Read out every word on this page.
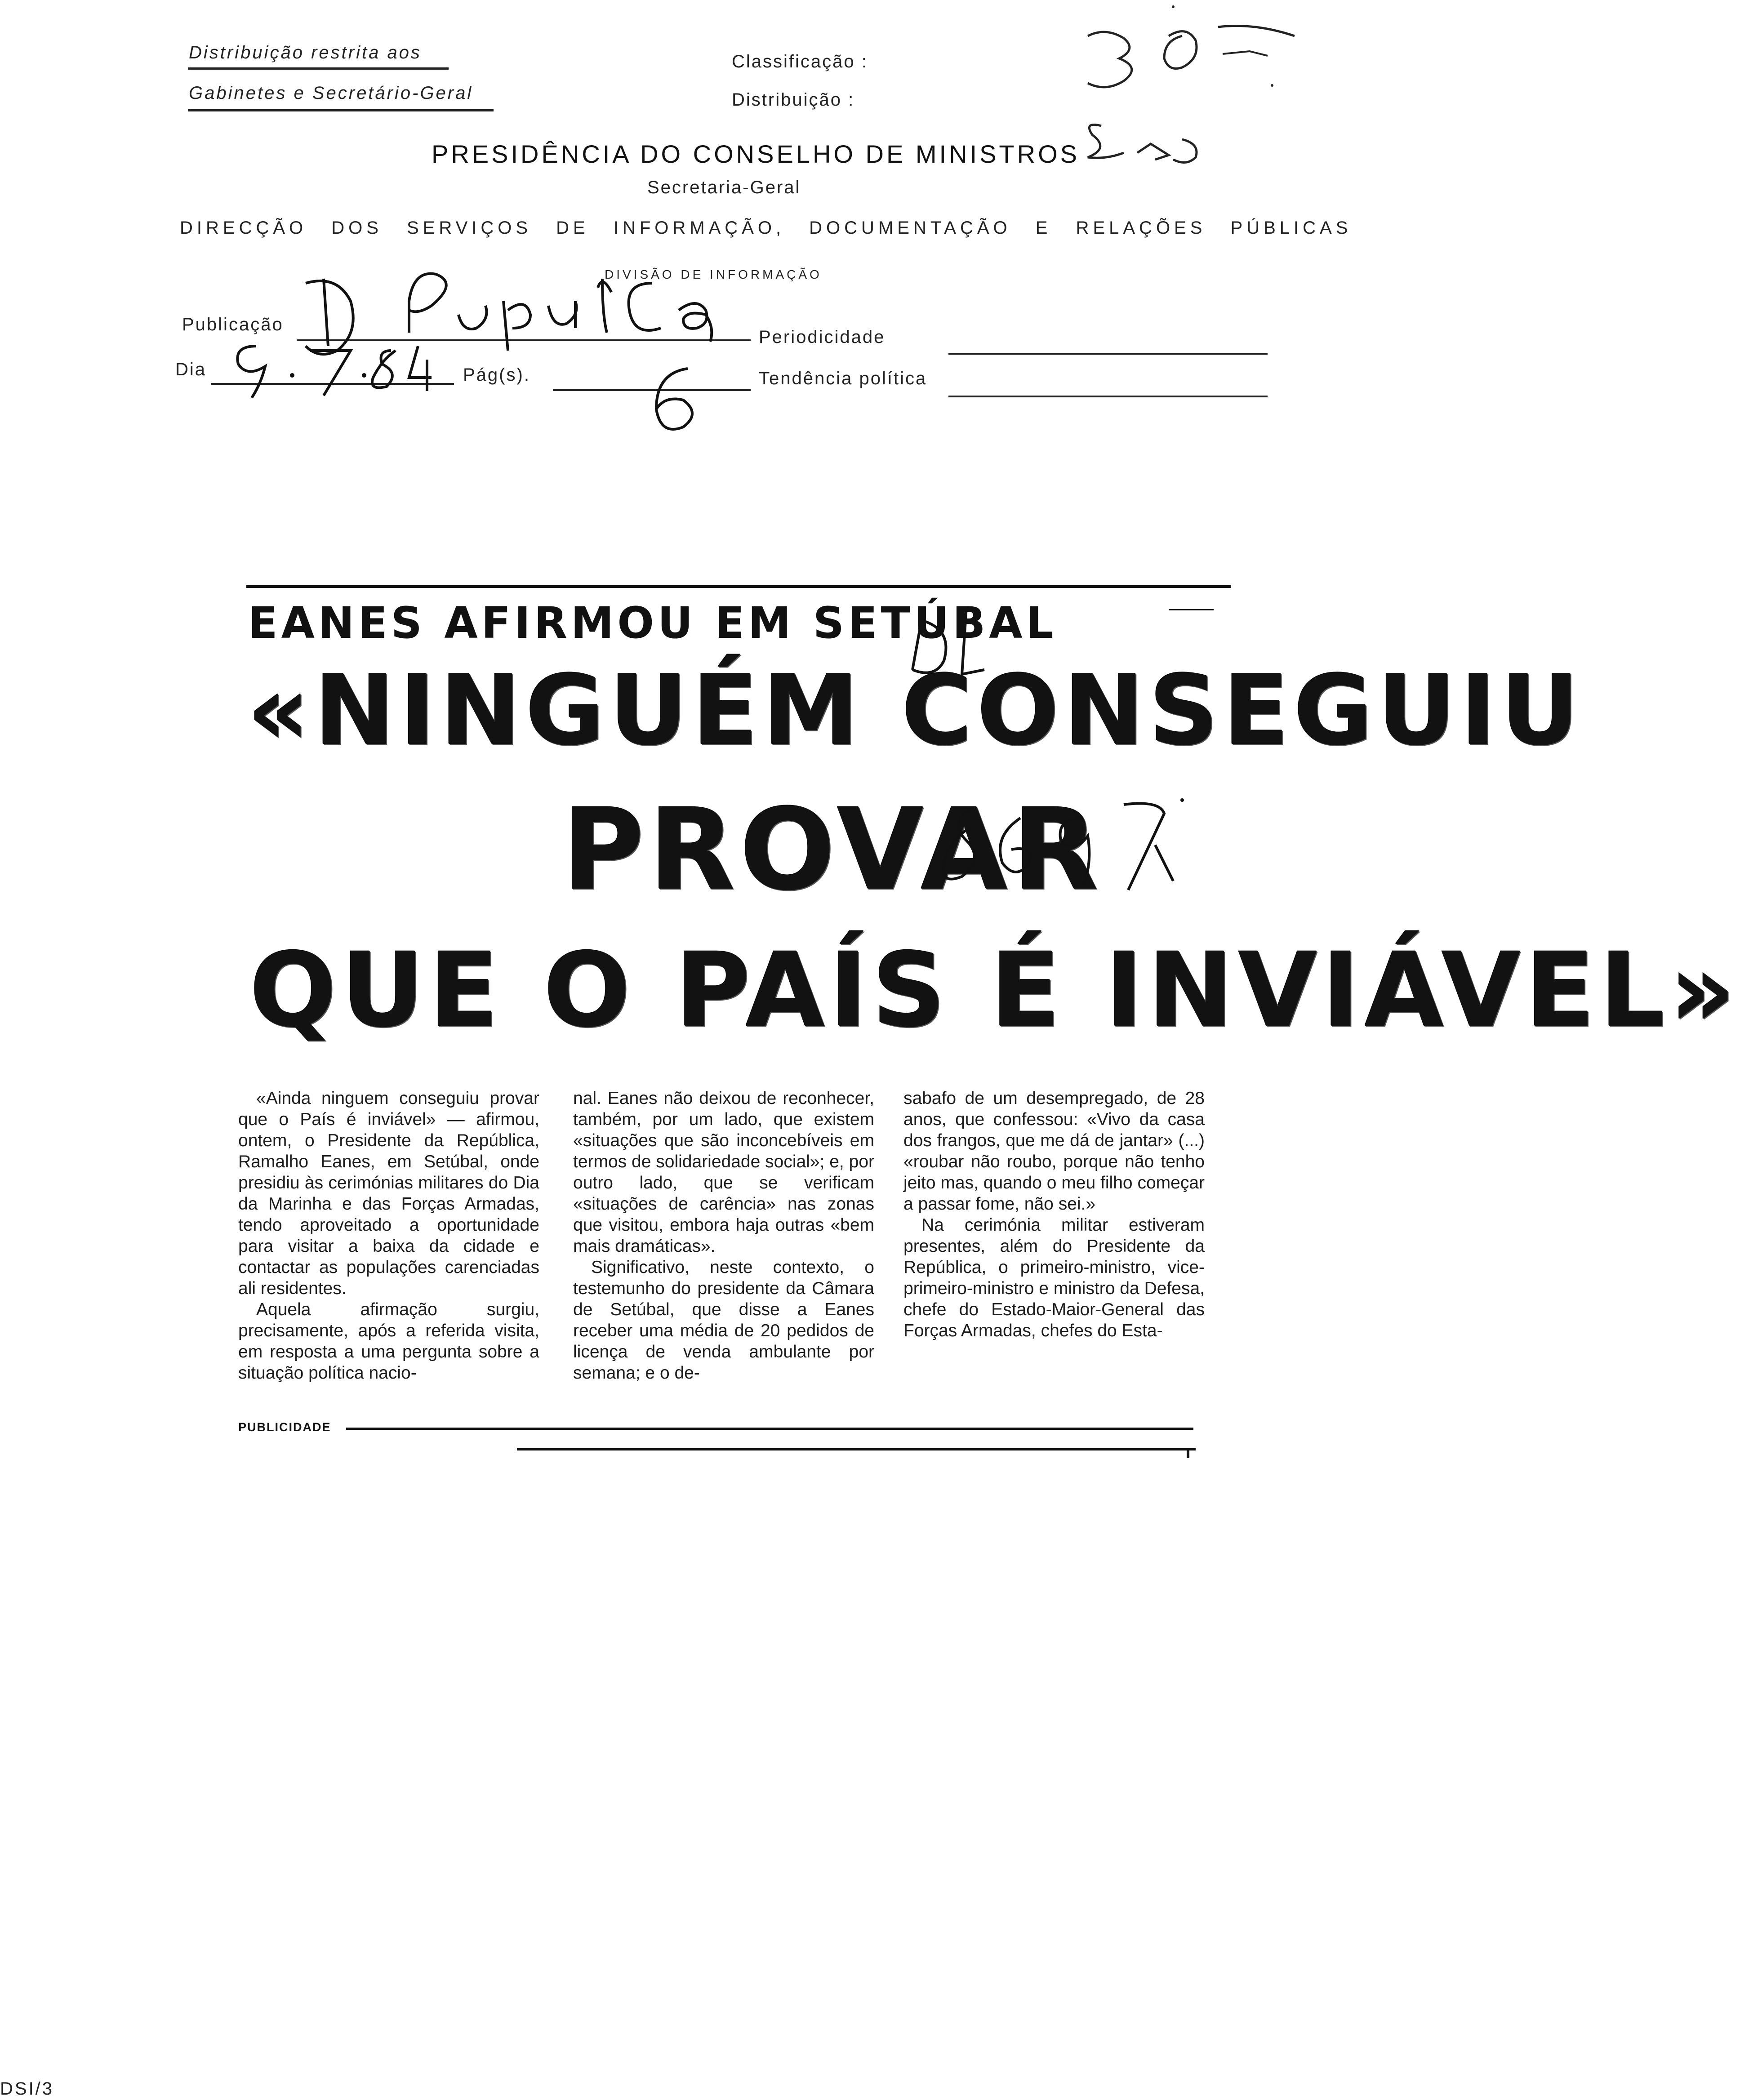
Distribuição restrita aos
Gabinetes e Secretário-Geral
Classificação :
Distribuição :
PRESIDÊNCIA DO CONSELHO DE MINISTROS
Secretaria-Geral
DIRECÇÃO DOS SERVIÇOS DE INFORMAÇÃO, DOCUMENTAÇÃO E RELAÇÕES PÚBLICAS
DIVISÃO DE INFORMAÇÃO
Publicação
Periodicidade
Dia	Pág(s).	Tendência política
EANES AFIRMOU EM SETÚBAL
«NINGUÉM CONSEGUIU
PROVAR
QUE O PAÍS É INVIÁVEL»

«Ainda ninguem conseguiu provar que o País é inviável» — afirmou, ontem, o Presidente da República, Ramalho Eanes, em Setúbal, onde presidiu às cerimónias militares do Dia da Marinha e das Forças Armadas, tendo aproveitado a oportunidade para visitar a baixa da cidade e contactar as populações carenciadas ali residentes.

Aquela afirmação surgiu, precisamente, após a referida visita, em resposta a uma pergunta sobre a situação política nacio-

nal. Eanes não deixou de reconhecer, também, por um lado, que existem «situações que são inconcebíveis em termos de solidariedade social»; e, por outro lado, que se verificam «situações de carência» nas zonas que visitou, embora haja outras «bem mais dramáticas».

Significativo, neste contexto, o testemunho do presidente da Câmara de Setúbal, que disse a Eanes receber uma média de 20 pedidos de licença de venda ambulante por semana; e o de-

sabafo de um desempregado, de 28 anos, que confessou: «Vivo da casa dos frangos, que me dá de jantar» (...) «roubar não roubo, porque não tenho jeito mas, quando o meu filho começar a passar fome, não sei.»

Na cerimónia militar estiveram presentes, além do Presidente da República, o primeiro-ministro, vice-primeiro-ministro e ministro da Defesa, chefe do Estado-Maior-General das Forças Armadas, chefes do Esta-

PUBLICIDADE
DSI/3
